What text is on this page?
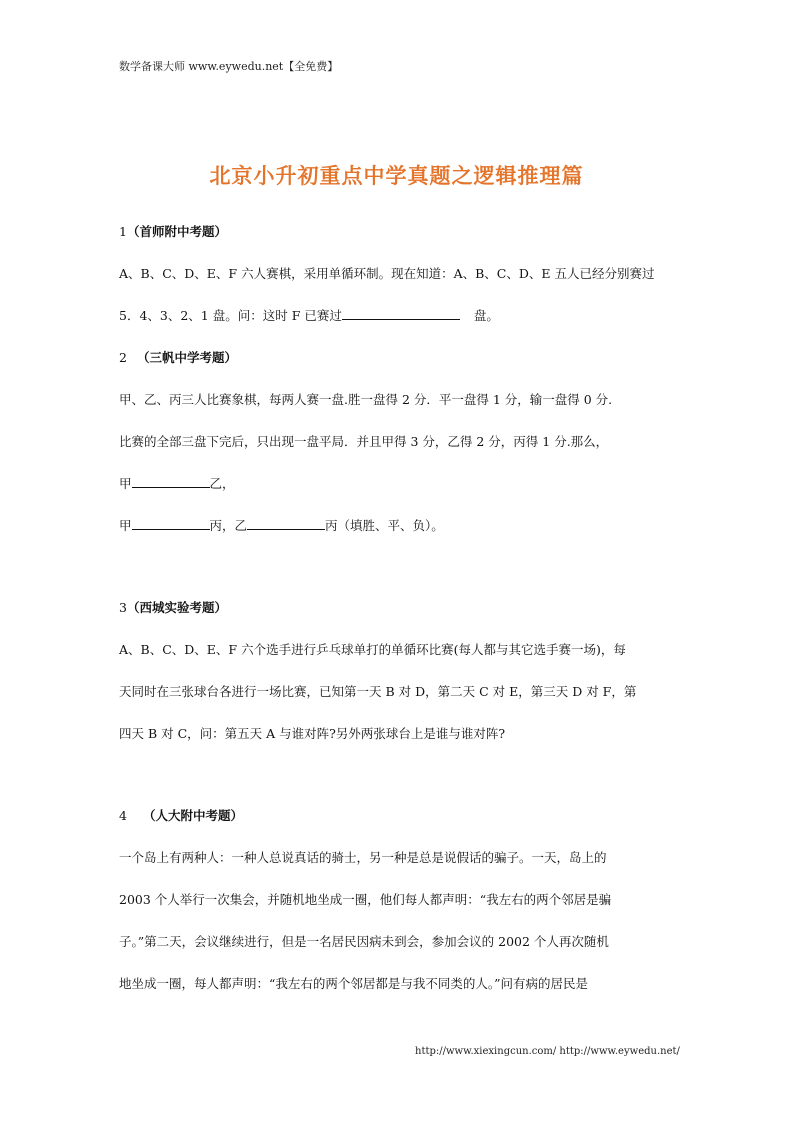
数学备课大师 www.eywedu.net【全免费】
北京小升初重点中学真题之逻辑推理篇
1（首师附中考题）
A、B、C、D、E、F 六人赛棋，采用单循环制。现在知道：A、B、C、D、E 五人已经分别赛过
5．4、3、2、1 盘。问：这时 F 已赛过	盘。
2 （三帆中学考题）
甲、乙、丙三人比赛象棋，每两人赛一盘.胜一盘得 2 分．平一盘得 1 分，输一盘得 0 分.
比赛的全部三盘下完后，只出现一盘平局．并且甲得 3 分，乙得 2 分，丙得 1 分.那么，
甲	乙，
甲	丙，乙	丙（填胜、平、负）。
3（西城实验考题）
A、B、C、D、E、F 六个选手进行乒乓球单打的单循环比赛(每人都与其它选手赛一场)，每
天同时在三张球台各进行一场比赛，已知第一天 B 对 D，第二天 C 对 E，第三天 D 对 F，第
四天 B 对 C，问：第五天 A 与谁对阵?另外两张球台上是谁与谁对阵?
4 （人大附中考题）
一个岛上有两种人：一种人总说真话的骑士，另一种是总是说假话的骗子。一天，岛上的
2003 个人举行一次集会，并随机地坐成一圈，他们每人都声明：“我左右的两个邻居是骗
子。”第二天，会议继续进行，但是一名居民因病未到会，参加会议的 2002 个人再次随机
地坐成一圈，每人都声明：“我左右的两个邻居都是与我不同类的人。”问有病的居民是
http://www.xiexingcun.com/ http://www.eywedu.net/
